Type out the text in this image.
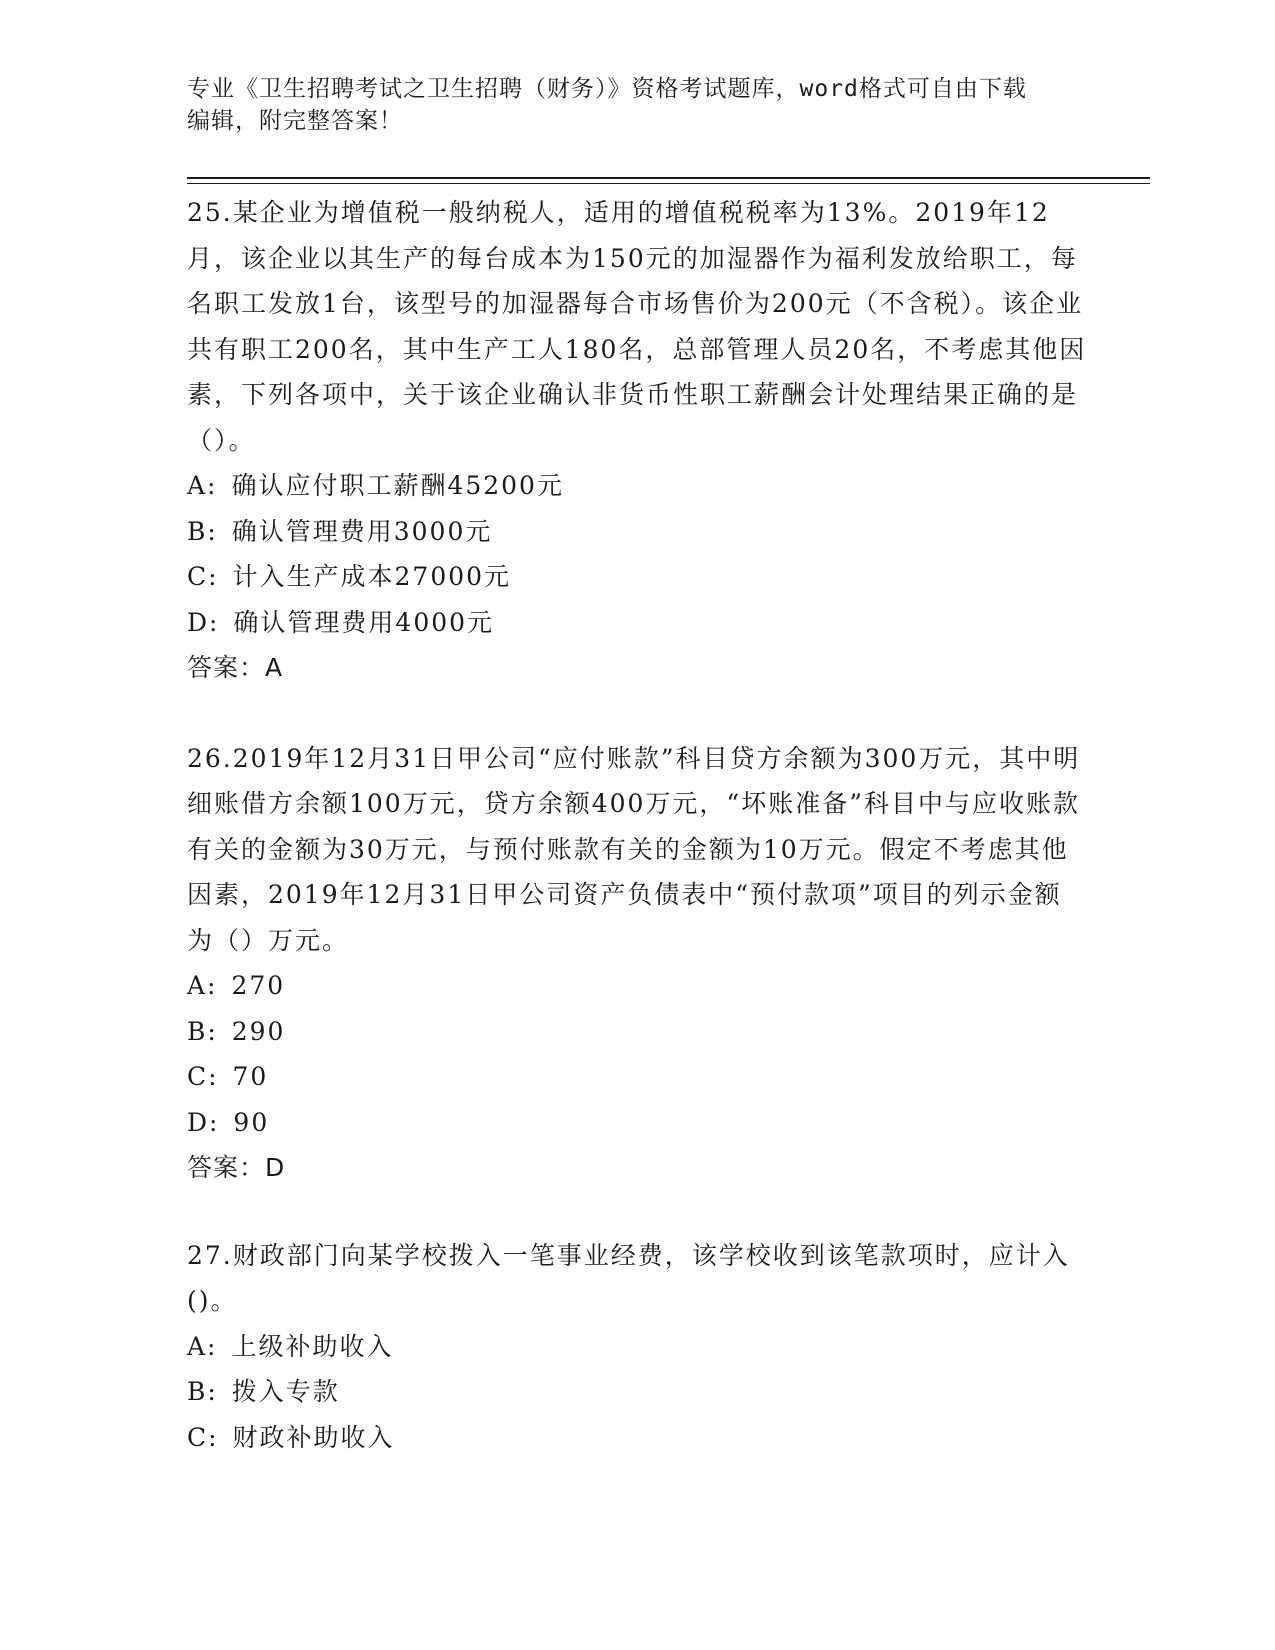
专业《卫生招聘考试之卫生招聘（财务）》资格考试题库，word格式可自由下载
编辑，附完整答案！

25.某企业为增值税一般纳税人，适用的增值税税率为13%。2019年12月，该企业以其生产的每台成本为150元的加湿器作为福利发放给职工，每名职工发放1台，该型号的加湿器每合市场售价为200元（不含税）。该企业共有职工200名，其中生产工人180名，总部管理人员20名，不考虑其他因素，下列各项中，关于该企业确认非货币性职工薪酬会计处理结果正确的是（）。

A: 确认应付职工薪酬45200元
B: 确认管理费用3000元
C: 计入生产成本27000元
D: 确认管理费用4000元

答案：A

26.2019年12月31日甲公司“应付账款”科目贷方余额为300万元，其中明细账借方余额100万元，贷方余额400万元，“坏账准备”科目中与应收账款有关的金额为30万元，与预付账款有关的金额为10万元。假定不考虑其他因素，2019年12月31日甲公司资产负债表中“预付款项”项目的列示金额为（）万元。

A: 270
B: 290
C: 70
D: 90

答案：D

27.财政部门向某学校拨入一笔事业经费，该学校收到该笔款项时，应计入()。

A: 上级补助收入
B: 拨入专款
C: 财政补助收入
